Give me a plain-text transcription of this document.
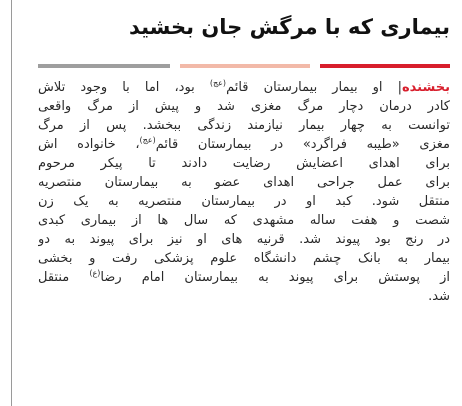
بیماری که با مرگش جان بخشید
بخشنده| او بیمار بیمارستان قائم$^{(عج)}$ بود، اما با وجود تلاش
کادر درمان دچار مرگ مغزی شد و پیش از مرگ واقعی
توانست به چهار بیمار نیازمند زندگی ببخشد. پس از مرگ
مغزی «طیبه فراگرد» در بیمارستان قائم$^{(عج)}$، خانواده اش
برای اهدای اعضایش رضایت دادند تا پیکر مرحوم
برای عمل جراحی اهدای عضو به بیمارستان منتصریه
منتقل شود. کبد او در بیمارستان منتصریه به یک زن
شصت و هفت ساله مشهدی که سال ها از بیماری کبدی
در رنج بود پیوند شد. قرنیه های او نیز برای پیوند به دو
بیمار به بانک چشم دانشگاه علوم پزشکی رفت و بخشی
از پوستش برای پیوند به بیمارستان امام رضا$^{(ع)}$ منتقل
شد.
